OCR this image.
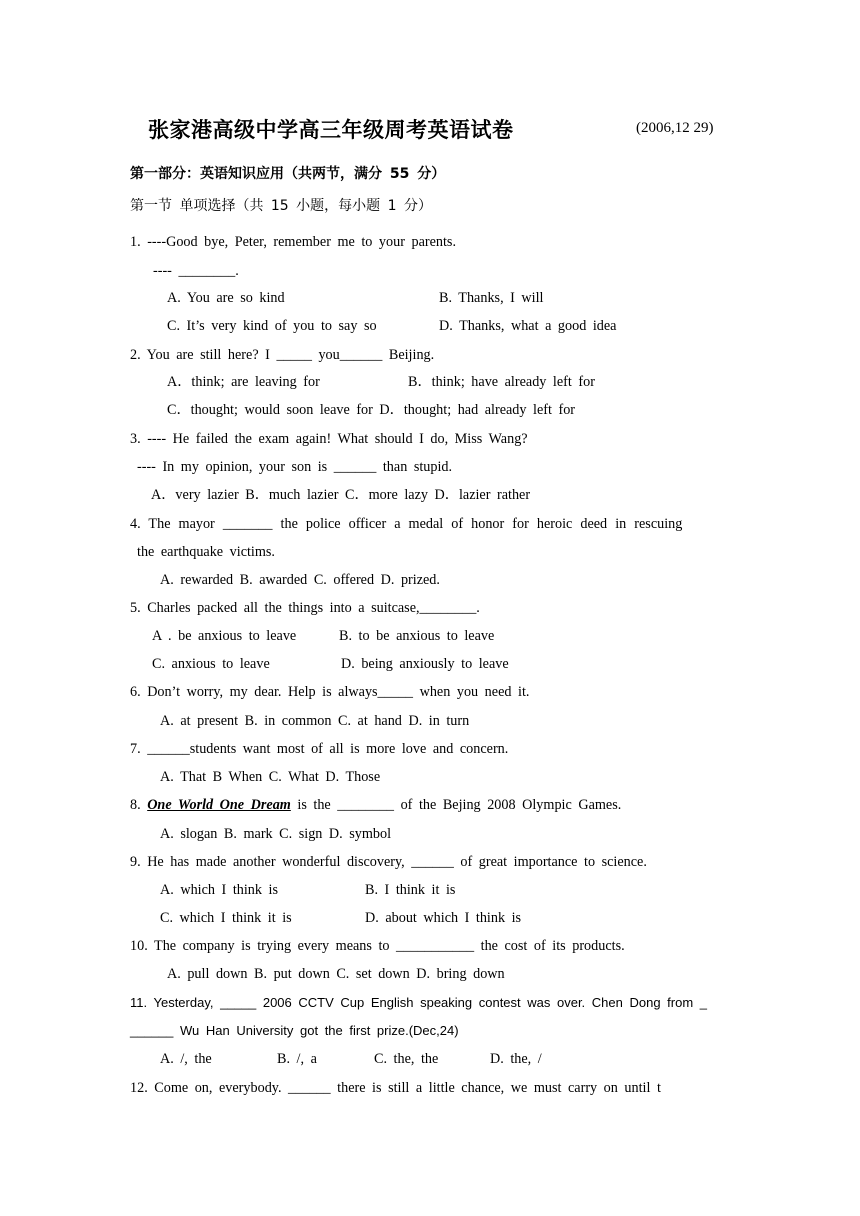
张家港高级中学高三年级周考英语试卷	(2006,12 29)
第一部分：英语知识应用（共两节，满分 55 分）
第一节 单项选择（共 15 小题，每小题 1 分）
1. ----Good bye, Peter, remember me to your parents.
---- ________.
A. You are so kind	B. Thanks, I will
C. It’s very kind of you to say so	D. Thanks, what a good idea
2. You are still here? I _____ you______ Beijing.
A．think; are leaving for	B．think; have already left for
C．thought; would soon leave for D．thought; had already left for
3. ---- He failed the exam again! What should I do, Miss Wang?
---- In my opinion, your son is ______ than stupid.
A．very lazier B．much lazier C．more lazy D．lazier rather
4. The mayor _______ the police officer a medal of honor for heroic deed in rescuing
the earthquake victims.
A. rewarded B. awarded C. offered D. prized.
5. Charles packed all the things into a suitcase,________.
A . be anxious to leave	B. to be anxious to leave
C. anxious to leave	D. being anxiously to leave
6. Don’t worry, my dear. Help is always_____ when you need it.
A. at present B. in common C. at hand D. in turn
7. ______students want most of all is more love and concern.
A. That B When C. What D. Those
8. One World One Dream is the ________ of the Bejing 2008 Olympic Games.
A. slogan B. mark C. sign D. symbol
9. He has made another wonderful discovery, ______ of great importance to science.
A. which I think is	B. I think it is
C. which I think it is	D. about which I think is
10. The company is trying every means to ___________ the cost of its products.
A. pull down B. put down C. set down D. bring down
11. Yesterday, _____ 2006 CCTV Cup English speaking contest was over. Chen Dong from _
______ Wu Han University got the first prize.(Dec,24)
A. /, the	B. /, a	C. the, the	D. the, /
12. Come on, everybody. ______ there is still a little chance, we must carry on until t
